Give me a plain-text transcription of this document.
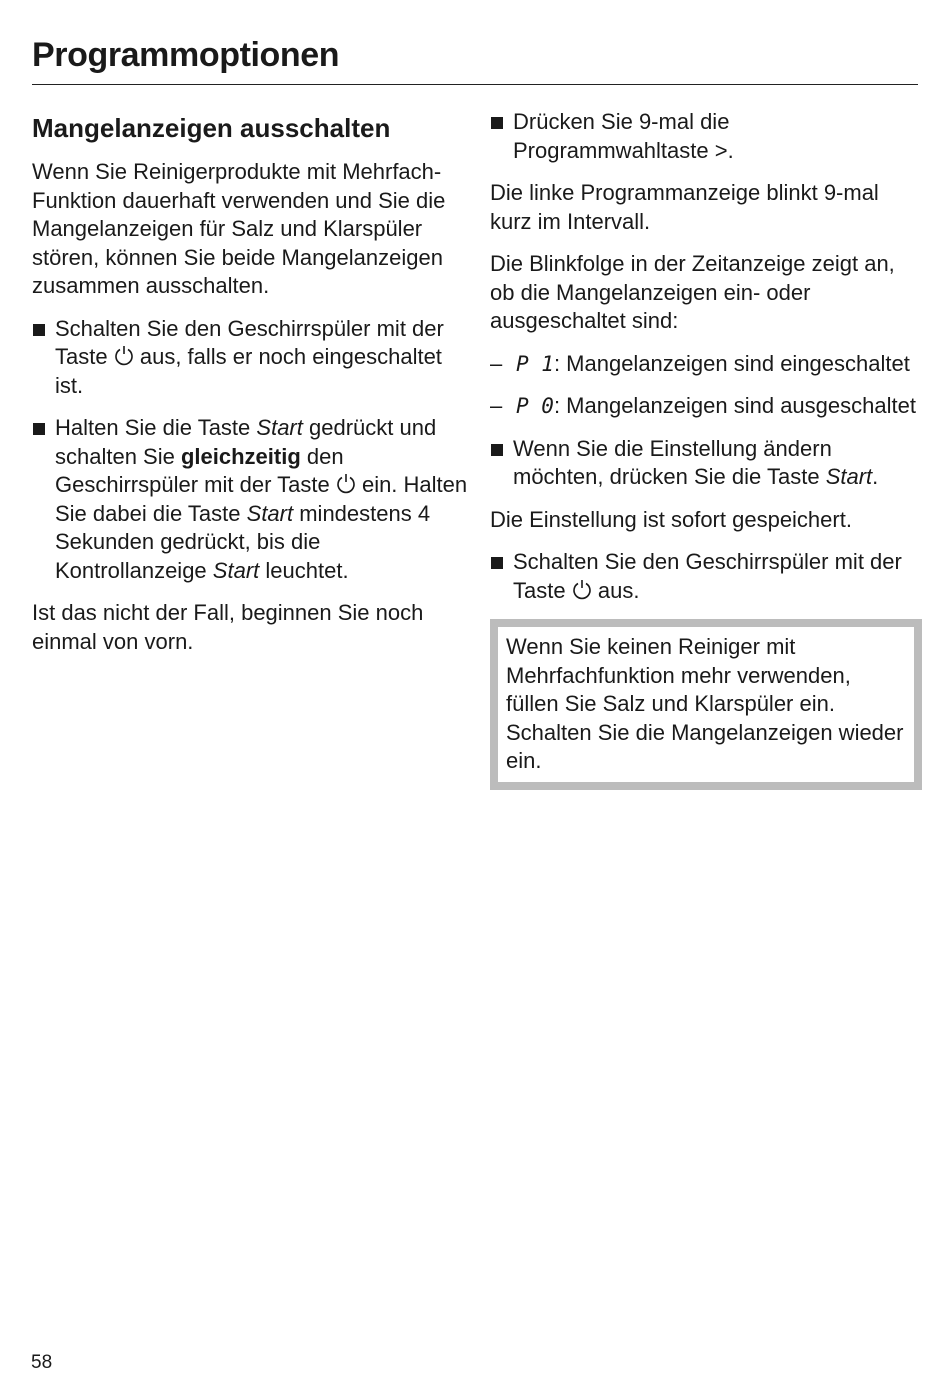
Programmoptionen
Mangelanzeigen ausschalten

Wenn Sie Reinigerprodukte mit Mehrfach-Funktion dauerhaft verwenden und Sie die Mangelanzeigen für Salz und Klarspüler stören, können Sie beide Mangelanzeigen zusammen ausschalten.

Schalten Sie den Geschirrspüler mit der Taste aus, falls er noch eingeschaltet ist.
Halten Sie die Taste Start gedrückt und schalten Sie gleichzeitig den Geschirrspüler mit der Taste ein. Halten Sie dabei die Taste Start mindestens 4 Sekunden gedrückt, bis die Kontrollanzeige Start leuchtet.

Ist das nicht der Fall, beginnen Sie noch einmal von vorn.

Drücken Sie 9-mal die Programmwahltaste >.

Die linke Programmanzeige blinkt 9-mal kurz im Intervall.

Die Blinkfolge in der Zeitanzeige zeigt an, ob die Mangelanzeigen ein- oder ausgeschaltet sind:

– P 1: Mangelanzeigen sind eingeschaltet
– P 0: Mangelanzeigen sind ausgeschaltet
Wenn Sie die Einstellung ändern möchten, drücken Sie die Taste Start.

Die Einstellung ist sofort gespeichert.

Schalten Sie den Geschirrspüler mit der Taste aus.
Wenn Sie keinen Reiniger mit Mehrfachfunktion mehr verwenden, füllen Sie Salz und Klarspüler ein. Schalten Sie die Mangelanzeigen wieder ein.
58
